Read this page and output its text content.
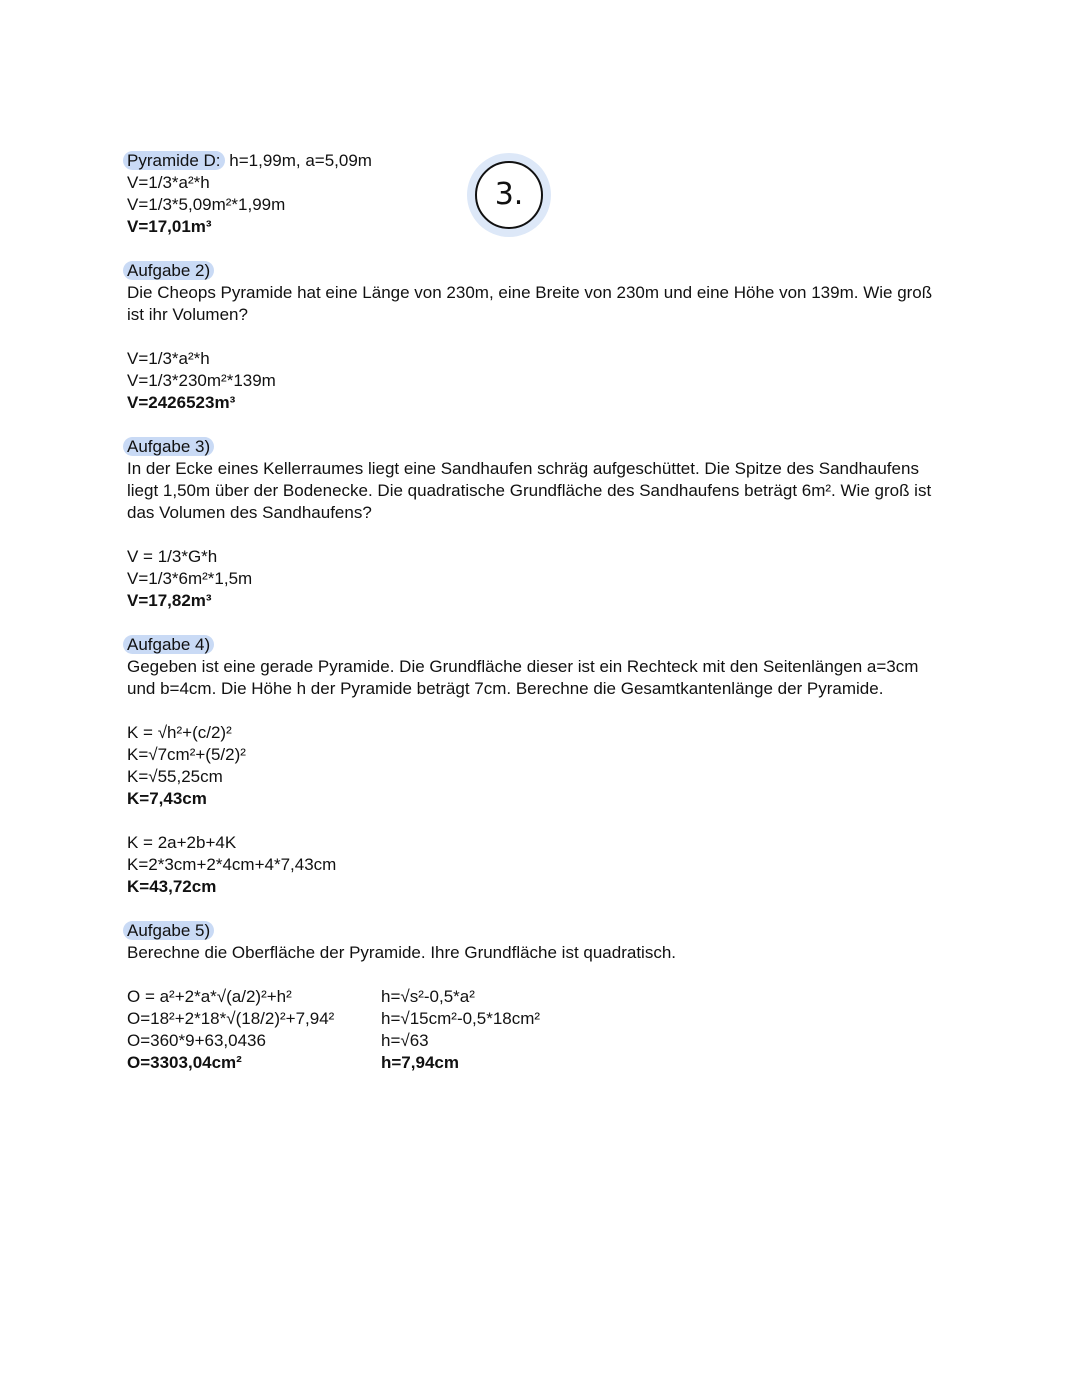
3.
Pyramide D: h=1,99m, a=5,09m
V=1/3*a²*h
V=1/3*5,09m²*1,99m
V=17,01m³
Aufgabe 2)
Die Cheops Pyramide hat eine Länge von 230m, eine Breite von 230m und eine Höhe von 139m. Wie groß ist ihr Volumen?
V=1/3*a²*h
V=1/3*230m²*139m
V=2426523m³
Aufgabe 3)
In der Ecke eines Kellerraumes liegt eine Sandhaufen schräg aufgeschüttet. Die Spitze des Sandhaufens liegt 1,50m über der Bodenecke. Die quadratische Grundfläche des Sandhaufens beträgt 6m². Wie groß ist das Volumen des Sandhaufens?
V = 1/3*G*h
V=1/3*6m²*1,5m
V=17,82m³
Aufgabe 4)
Gegeben ist eine gerade Pyramide. Die Grundfläche dieser ist ein Rechteck mit den Seitenlängen a=3cm und b=4cm. Die Höhe h der Pyramide beträgt 7cm. Berechne die Gesamtkantenlänge der Pyramide.
K = √h²+(c/2)²
K=√7cm²+(5/2)²
K=√55,25cm
K=7,43cm
K = 2a+2b+4K
K=2*3cm+2*4cm+4*7,43cm
K=43,72cm
Aufgabe 5)
Berechne die Oberfläche der Pyramide. Ihre Grundfläche ist quadratisch.
O = a²+2*a*√(a/2)²+h²
O=18²+2*18*√(18/2)²+7,94²
O=360*9+63,0436
O=3303,04cm²
h=√s²-0,5*a²
h=√15cm²-0,5*18cm²
h=√63
h=7,94cm
